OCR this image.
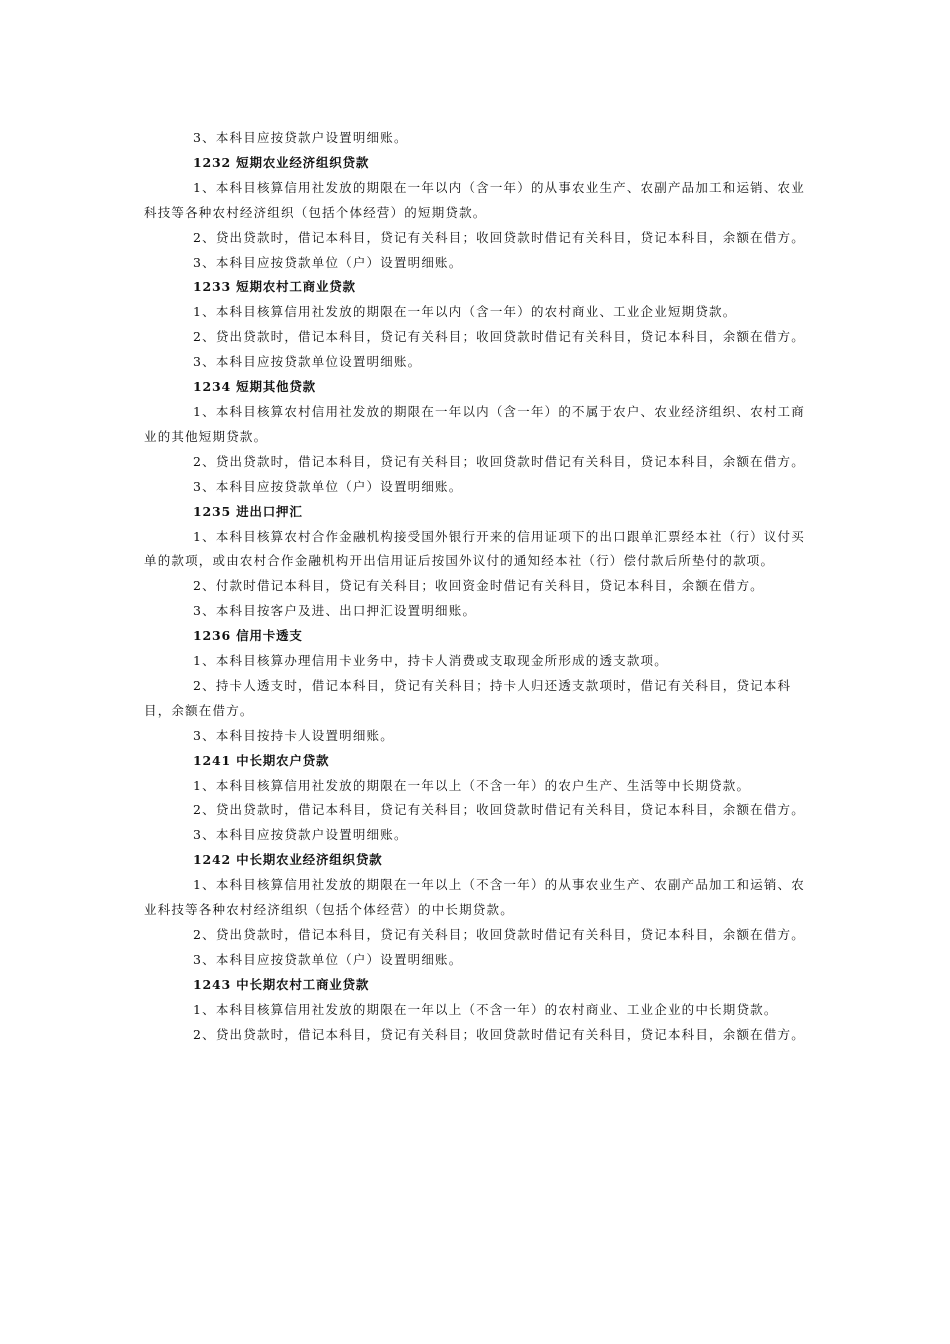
3、本科目应按贷款户设置明细账。

1232 短期农业经济组织贷款

1、本科目核算信用社发放的期限在一年以内（含一年）的从事农业生产、农副产品加工和运销、农业科技等各种农村经济组织（包括个体经营）的短期贷款。

2、贷出贷款时，借记本科目，贷记有关科目；收回贷款时借记有关科目，贷记本科目，余额在借方。

3、本科目应按贷款单位（户）设置明细账。

1233 短期农村工商业贷款

1、本科目核算信用社发放的期限在一年以内（含一年）的农村商业、工业企业短期贷款。

2、贷出贷款时，借记本科目，贷记有关科目；收回贷款时借记有关科目，贷记本科目，余额在借方。

3、本科目应按贷款单位设置明细账。

1234 短期其他贷款

1、本科目核算农村信用社发放的期限在一年以内（含一年）的不属于农户、农业经济组织、农村工商业的其他短期贷款。

2、贷出贷款时，借记本科目，贷记有关科目；收回贷款时借记有关科目，贷记本科目，余额在借方。

3、本科目应按贷款单位（户）设置明细账。

1235 进出口押汇

1、本科目核算农村合作金融机构接受国外银行开来的信用证项下的出口跟单汇票经本社（行）议付买单的款项，或由农村合作金融机构开出信用证后按国外议付的通知经本社（行）偿付款后所垫付的款项。

2、付款时借记本科目，贷记有关科目；收回资金时借记有关科目，贷记本科目，余额在借方。

3、本科目按客户及进、出口押汇设置明细账。

1236 信用卡透支

1、本科目核算办理信用卡业务中，持卡人消费或支取现金所形成的透支款项。

2、持卡人透支时，借记本科目，贷记有关科目；持卡人归还透支款项时，借记有关科目，贷记本科目，余额在借方。

3、本科目按持卡人设置明细账。

1241 中长期农户贷款

1、本科目核算信用社发放的期限在一年以上（不含一年）的农户生产、生活等中长期贷款。

2、贷出贷款时，借记本科目，贷记有关科目；收回贷款时借记有关科目，贷记本科目，余额在借方。

3、本科目应按贷款户设置明细账。

1242 中长期农业经济组织贷款

1、本科目核算信用社发放的期限在一年以上（不含一年）的从事农业生产、农副产品加工和运销、农业科技等各种农村经济组织（包括个体经营）的中长期贷款。

2、贷出贷款时，借记本科目，贷记有关科目；收回贷款时借记有关科目，贷记本科目，余额在借方。

3、本科目应按贷款单位（户）设置明细账。

1243 中长期农村工商业贷款

1、本科目核算信用社发放的期限在一年以上（不含一年）的农村商业、工业企业的中长期贷款。

2、贷出贷款时，借记本科目，贷记有关科目；收回贷款时借记有关科目，贷记本科目，余额在借方。
